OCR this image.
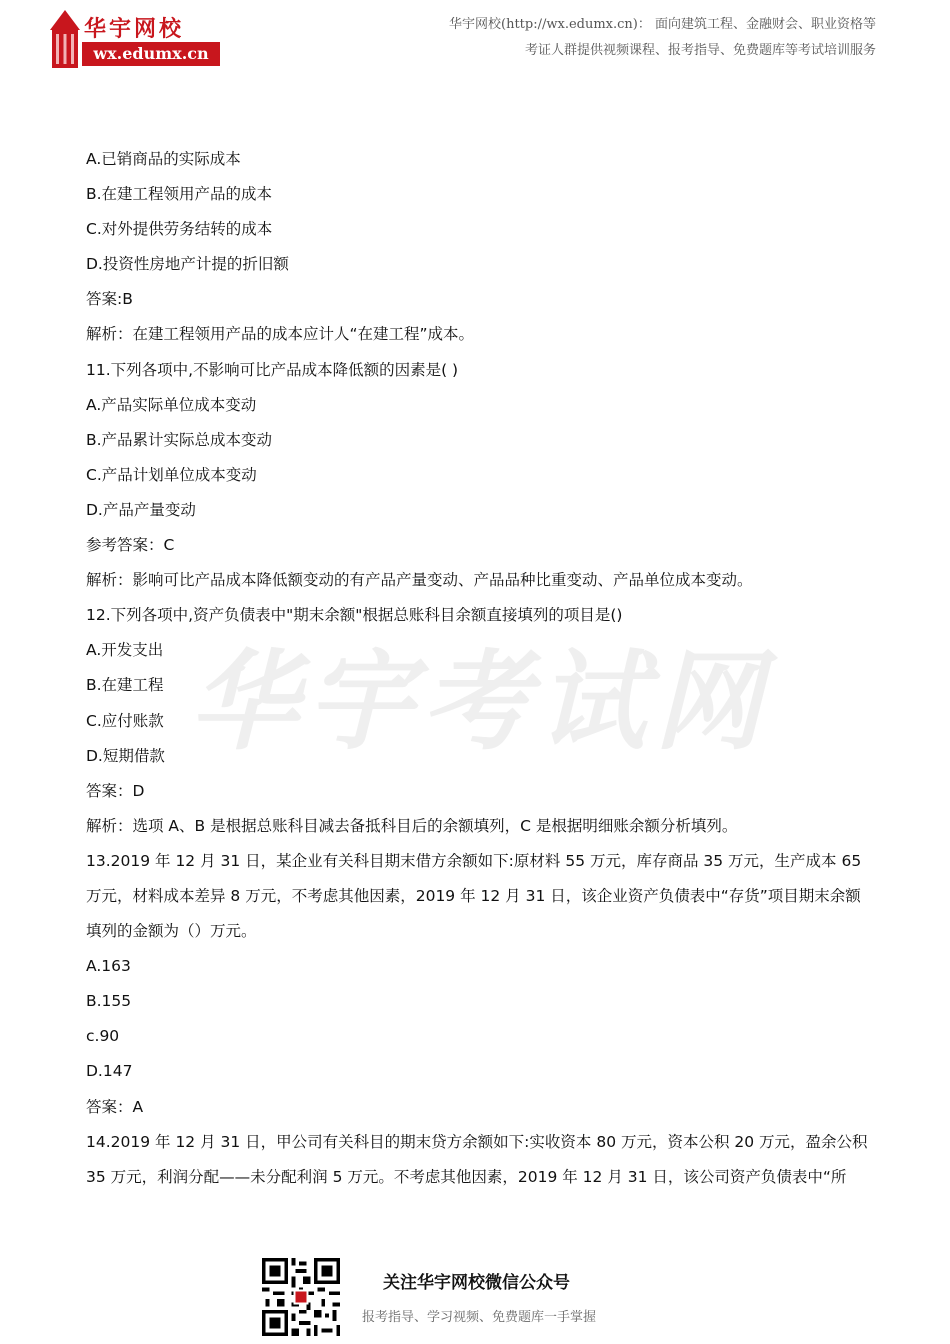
华宇网校
wx.edumx.cn
华宇网校(http://wx.edumx.cn)： 面向建筑工程、金融财会、职业资格等
考证人群提供视频课程、报考指导、免费题库等考试培训服务
华宇考试网

A.已销商品的实际成本

B.在建工程领用产品的成本

C.对外提供劳务结转的成本

D.投资性房地产计提的折旧额

答案:B

解析：在建工程领用产品的成本应计人“在建工程”成本。

11.下列各项中,不影响可比产品成本降低额的因素是( )

A.产品实际单位成本变动

B.产品累计实际总成本变动

C.产品计划单位成本变动

D.产品产量变动

参考答案：C

解析：影响可比产品成本降低额变动的有产品产量变动、产品品种比重变动、产品单位成本变动。

12.下列各项中,资产负债表中"期末余额"根据总账科目余额直接填列的项目是()

A.开发支出

B.在建工程

C.应付账款

D.短期借款

答案：D

解析：选项 A、B 是根据总账科目减去备抵科目后的余额填列，C 是根据明细账余额分析填列。

13.2019 年 12 月 31 日，某企业有关科目期末借方余额如下:原材料 55 万元，库存商品 35 万元，生产成本 65 万元，材料成本差异 8 万元，不考虑其他因素，2019 年 12 月 31 日，该企业资产负债表中“存货”项目期末余额填列的金额为（）万元。

A.163

B.155

c.90

D.147

答案：A

14.2019 年 12 月 31 日，甲公司有关科目的期末贷方余额如下:实收资本 80 万元，资本公积 20 万元，盈余公积 35 万元，利润分配——未分配利润 5 万元。不考虑其他因素，2019 年 12 月 31 日，该公司资产负债表中“所

关注华宇网校微信公众号
报考指导、学习视频、免费题库一手掌握
